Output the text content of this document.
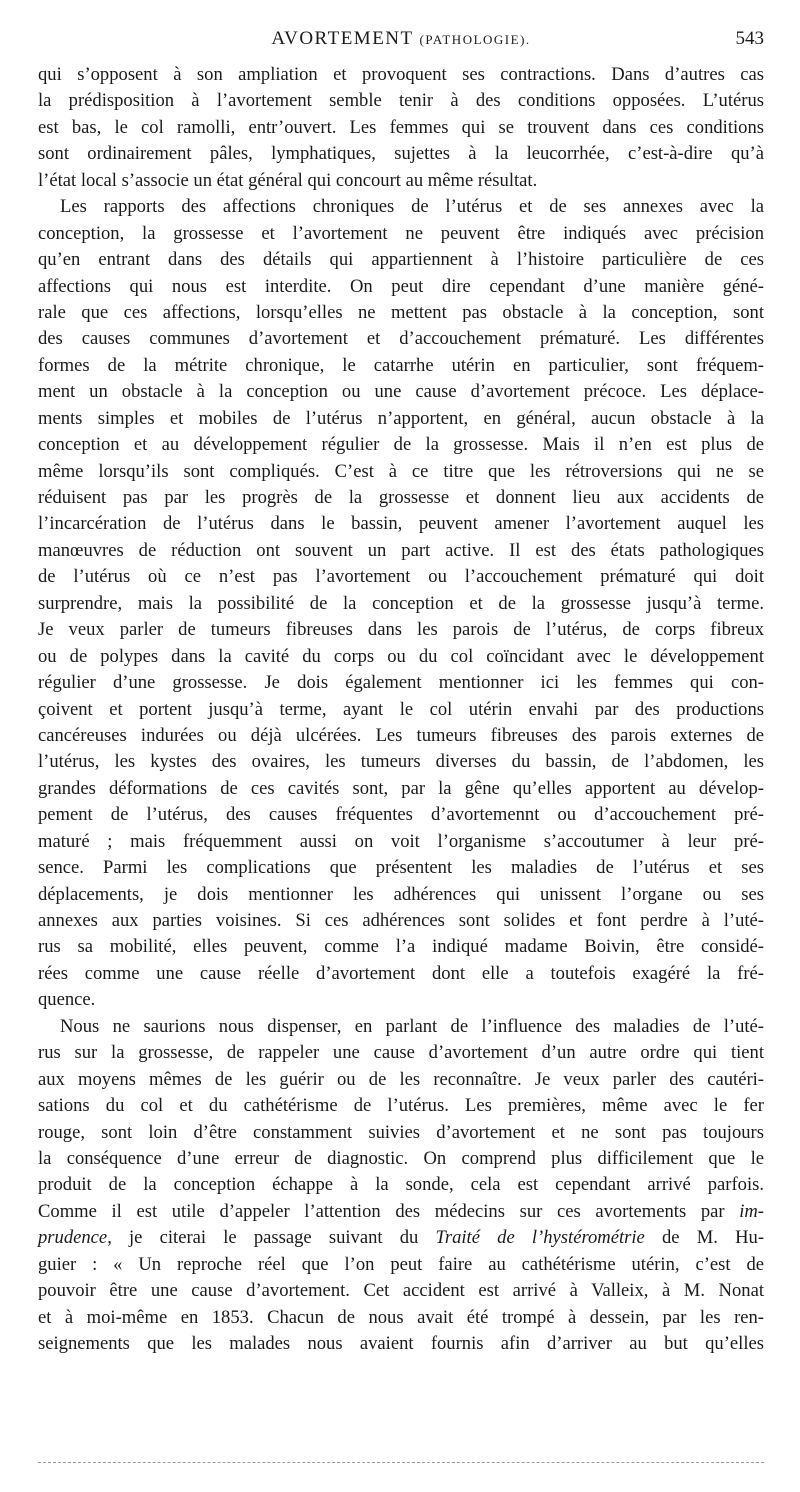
AVORTEMENT (PATHOLOGIE).	543
qui s’opposent à son ampliation et provoquent ses contractions. Dans d’autres cas
la prédisposition à l’avortement semble tenir à des conditions opposées. L’utérus
est bas, le col ramolli, entr’ouvert. Les femmes qui se trouvent dans ces conditions
sont ordinairement pâles, lymphatiques, sujettes à la leucorrhée, c’est-à-dire qu’à
l’état local s’associe un état général qui concourt au même résultat.
Les rapports des affections chroniques de l’utérus et de ses annexes avec la
conception, la grossesse et l’avortement ne peuvent être indiqués avec précision
qu’en entrant dans des détails qui appartiennent à l’histoire particulière de ces
affections qui nous est interdite. On peut dire cependant d’une manière géné-
rale que ces affections, lorsqu’elles ne mettent pas obstacle à la conception, sont
des causes communes d’avortement et d’accouchement prématuré. Les différentes
formes de la métrite chronique, le catarrhe utérin en particulier, sont fréquem-
ment un obstacle à la conception ou une cause d’avortement précoce. Les déplace-
ments simples et mobiles de l’utérus n’apportent, en général, aucun obstacle à la
conception et au développement régulier de la grossesse. Mais il n’en est plus de
même lorsqu’ils sont compliqués. C’est à ce titre que les rétroversions qui ne se
réduisent pas par les progrès de la grossesse et donnent lieu aux accidents de
l’incarcération de l’utérus dans le bassin, peuvent amener l’avortement auquel les
manœuvres de réduction ont souvent un part active. Il est des états pathologiques
de l’utérus où ce n’est pas l’avortement ou l’accouchement prématuré qui doit
surprendre, mais la possibilité de la conception et de la grossesse jusqu’à terme.
Je veux parler de tumeurs fibreuses dans les parois de l’utérus, de corps fibreux
ou de polypes dans la cavité du corps ou du col coïncidant avec le développement
régulier d’une grossesse. Je dois également mentionner ici les femmes qui con-
çoivent et portent jusqu’à terme, ayant le col utérin envahi par des productions
cancéreuses indurées ou déjà ulcérées. Les tumeurs fibreuses des parois externes de
l’utérus, les kystes des ovaires, les tumeurs diverses du bassin, de l’abdomen, les
grandes déformations de ces cavités sont, par la gêne qu’elles apportent au dévelop-
pement de l’utérus, des causes fréquentes d’avortemennt ou d’accouchement pré-
maturé ; mais fréquemment aussi on voit l’organisme s’accoutumer à leur pré-
sence. Parmi les complications que présentent les maladies de l’utérus et ses
déplacements, je dois mentionner les adhérences qui unissent l’organe ou ses
annexes aux parties voisines. Si ces adhérences sont solides et font perdre à l’uté-
rus sa mobilité, elles peuvent, comme l’a indiqué madame Boivin, être considé-
rées comme une cause réelle d’avortement dont elle a toutefois exagéré la fré-
quence.
Nous ne saurions nous dispenser, en parlant de l’influence des maladies de l’uté-
rus sur la grossesse, de rappeler une cause d’avortement d’un autre ordre qui tient
aux moyens mêmes de les guérir ou de les reconnaître. Je veux parler des cautéri-
sations du col et du cathétérisme de l’utérus. Les premières, même avec le fer
rouge, sont loin d’être constamment suivies d’avortement et ne sont pas toujours
la conséquence d’une erreur de diagnostic. On comprend plus difficilement que le
produit de la conception échappe à la sonde, cela est cependant arrivé parfois.
Comme il est utile d’appeler l’attention des médecins sur ces avortements par im-
prudence, je citerai le passage suivant du Traité de l’hystérométrie de M. Hu-
guier : « Un reproche réel que l’on peut faire au cathétérisme utérin, c’est de
pouvoir être une cause d’avortement. Cet accident est arrivé à Valleix, à M. Nonat
et à moi-même en 1853. Chacun de nous avait été trompé à dessein, par les ren-
seignements que les malades nous avaient fournis afin d’arriver au but qu’elles
